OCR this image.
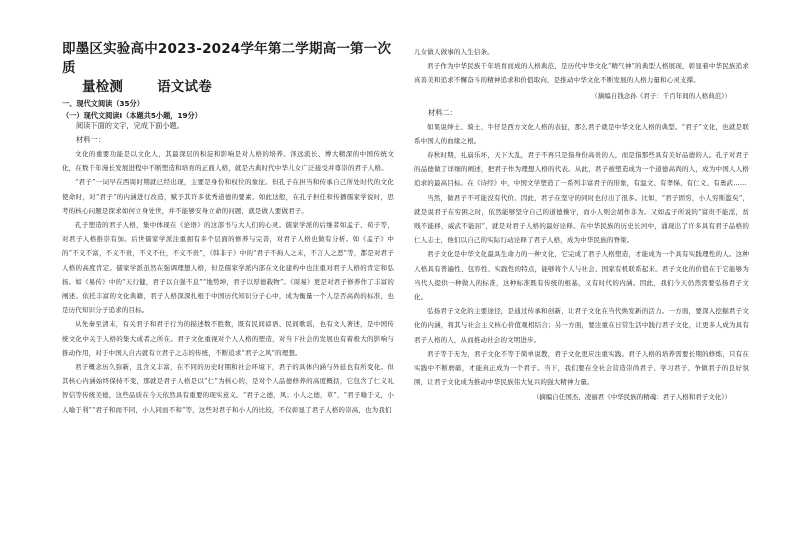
即墨区实验高中2023-2024学年第二学期高一第一次质
量检测	语文试卷
一、现代文阅读（35分）
（一）现代文阅读Ⅰ（本题共5小题，19分）
阅读下面的文字，完成下面小题。
材料一：

文化的重要功能是以文化人，其最深层的积淀和影响是对人格的培养。泽远流长、博大精深的中国传统文化，在数千年漫长发展进程中不断塑造和培育的正面人格，就是古典时代中华儿女广泛接受并尊崇的君子人格。

“君子”一词早在西周时期就已经出现，主要是身份和权位的象征。但孔子在担当和传承自己所处时代的文化使命时，对“君子”的内涵进行改造，赋予其许多优秀道德的要素。如此这般，在孔子担任和传播儒家学说时，思考的核心问题是探求如何立身处世，并不能够安身立命的问题，就是做人要做君子。

孔子塑造的君子人格，集中体现在《论语》的这部书与大人们的心灵。儒家学派的后继者如孟子、荀子等，对君子人格推崇有加。后世儒家学派注重拥有多个层面的修养与完善，对君子人格也做有分析。如《孟子》中的“不义不富，不义不贵，不义不仕，不义不贵”，《韩非子》中的“君子不拘人之末，不言人之恶”等，都是对君子人格的高度肯定。儒家学派虽然在强调理想人格，但是儒家学派内部在文化建构中也注重对君子人格的肯定和弘扬。如《易传》中的“天行健，君子以自强不息”“地势坤，君子以厚德载物”。《周易》更是对君子修养作了丰富的阐述。依托丰富的文化典籍，君子人格深深扎根于中国历代知识分子心中，成为衡量一个人是否高尚的标准，也是历代知识分子追求的目标。

从先秦至清末，有关君子和君子行为的描述数不胜数，既有民间谚语、民间歌谣，也有文人著述，是中国传统文化中关于人格的集大成者之所在。君子文化重视对个人人格的塑造，对当下社会的发展也有着极大的影响与推动作用，对于中国人自古就有立君子之志的传统，不断追求“君子之风”的理想。

君子概念历久弥新，且含义丰富，在不同的历史时期和社会环境下，君子的具体内涵与外延也有所变化。但其核心内涵始终保持不变，那就是君子人格是以“仁”为核心的，是对个人品德修养的高度概括，它包含了仁义礼智信等传统美德，这些品质在今天依然具有重要的现实意义。“君子之德，风；小人之德，草”，“君子喻于义，小人喻于利”“君子和而不同，小人同而不和”等，这些对君子和小人的比较，不仅彰显了君子人格的崇高，也为我们

儿女做人做事的人生信条。

君子作为中华民族千年培育而成的人格典范，是历代中华文化“精气神”的典型人格展现，彰显着中华民族追求真善美和追求不懈奋斗的精神追求和价值取向，是推动中华文化不断发展的人格力量和心灵支撑。

（摘编自钱念孙《君子：千百年间的人格典范》）
材料二：

如果说绅士、骑士、牛仔是西方文化人格的表征，那么君子就是中华文化人格的典型。“君子”文化，也就是联系中国人的血缘之根。

春秋时期，礼崩乐坏，天下大乱，君子不再只是指身份高贵的人，而是指那些具有美好品德的人。孔子对君子的品德做了详细的阐述，把君子作为理想人格的代表。从此，君子被塑造成为一个道德高尚的人，成为中国人人格追求的最高目标。在《诗经》中，中国文学塑造了一系列丰富君子的形象，有温文、有孝悌、有仁义、有勇武……

当然，做君子不可能没有代价。因此，君子在坚守的同时也付出了很多。比如，“君子固穷，小人穷斯滥矣”，就是说君子在穷困之时，依然能够坚守自己的道德操守，而小人则会胡作非为。又如孟子所说的“富贵不能淫，贫贱不能移，威武不能屈”，就是对君子人格的最好诠释。在中华民族的历史长河中，涌现出了许多具有君子品格的仁人志士，他们以自己的实际行动诠释了君子人格，成为中华民族的脊梁。

君子文化是中华文化最具生命力的一种文化，它完成了君子人格塑造，才能成为一个具有实践理性的人。这种人格具有普遍性、包容性、实践性的特点，能够将个人与社会、国家有机联系起来。君子文化的价值在于它能够为当代人提供一种做人的标准，这种标准既有传统的根基，又有时代的内涵。因此，我们今天仍然需要弘扬君子文化。

弘扬君子文化的主要途径，是通过传承和创新，让君子文化在当代焕发新的活力。一方面，要深入挖掘君子文化的内涵，将其与社会主义核心价值观相结合；另一方面，要注重在日常生活中践行君子文化，让更多人成为具有君子人格的人，从而推动社会的文明进步。

君子等于无为，君子文化不等于简单说教，君子文化更应注重实践。君子人格的培养需要长期的修炼，只有在实践中不断磨砺，才能真正成为一个君子。当下，我们要在全社会营造崇尚君子、学习君子、争做君子的良好氛围，让君子文化成为推动中华民族伟大复兴的强大精神力量。

（摘编自任国杰、凌丽君《中华民族的精魂：君子人格和君子文化》）
